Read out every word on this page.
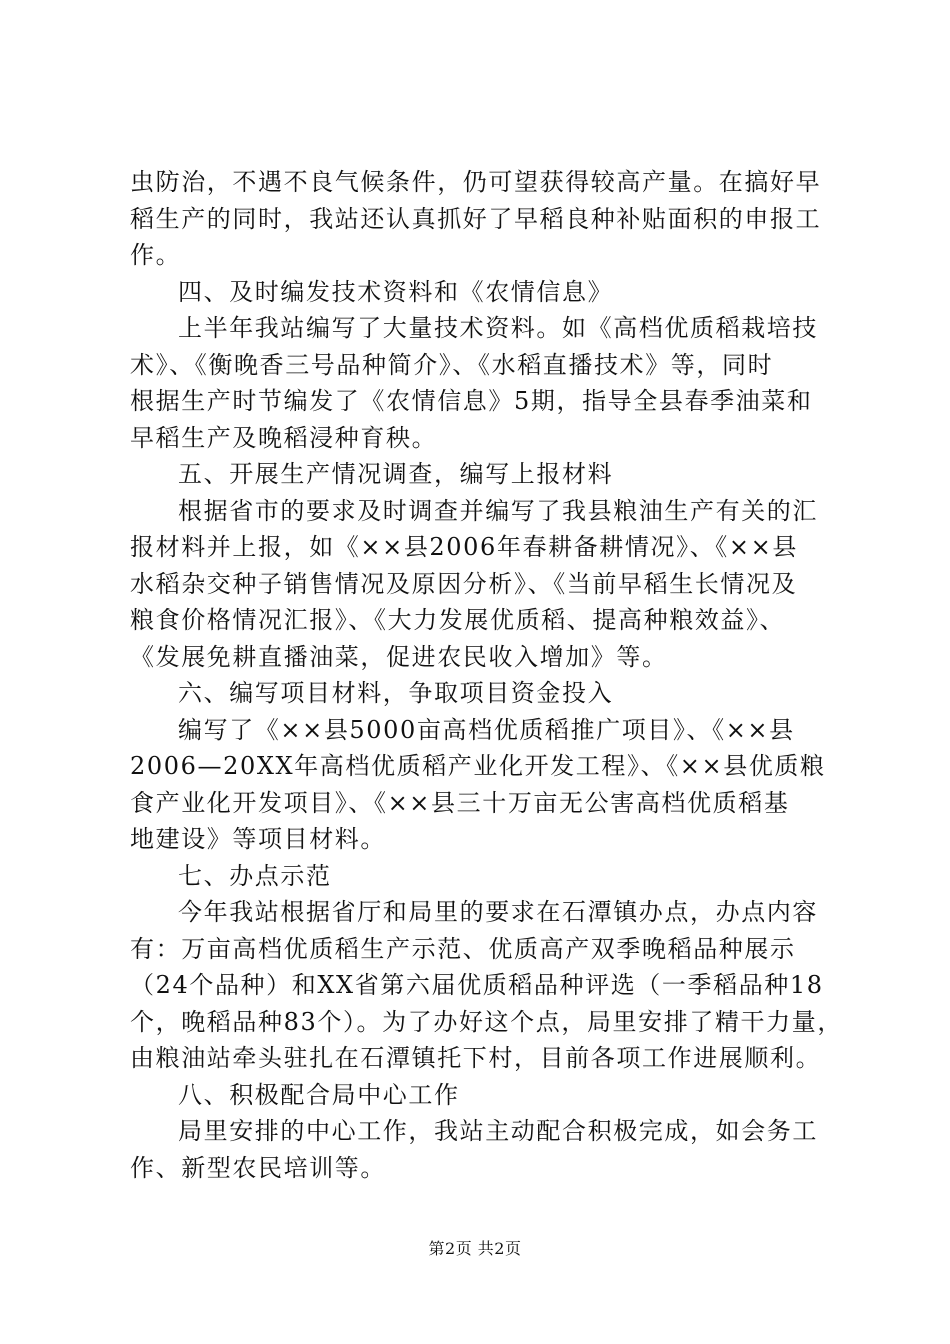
虫防治，不遇不良气候条件，仍可望获得较高产量。在搞好早
稻生产的同时，我站还认真抓好了早稻良种补贴面积的申报工
作。
四、及时编发技术资料和《农情信息》
上半年我站编写了大量技术资料。如《高档优质稻栽培技
术》、《衡晚香三号品种简介》、《水稻直播技术》等，同时
根据生产时节编发了《农情信息》5期，指导全县春季油菜和
早稻生产及晚稻浸种育秧。
五、开展生产情况调查，编写上报材料
根据省市的要求及时调查并编写了我县粮油生产有关的汇
报材料并上报，如《××县2006年春耕备耕情况》、《××县
水稻杂交种子销售情况及原因分析》、《当前早稻生长情况及
粮食价格情况汇报》、《大力发展优质稻、提高种粮效益》、
《发展免耕直播油菜，促进农民收入增加》等。
六、编写项目材料，争取项目资金投入
编写了《××县5000亩高档优质稻推广项目》、《××县
2006—20XX年高档优质稻产业化开发工程》、《××县优质粮
食产业化开发项目》、《××县三十万亩无公害高档优质稻基
地建设》等项目材料。
七、办点示范
今年我站根据省厅和局里的要求在石潭镇办点，办点内容
有：万亩高档优质稻生产示范、优质高产双季晚稻品种展示
（24个品种）和XX省第六届优质稻品种评选（一季稻品种18
个，晚稻品种83个）。为了办好这个点，局里安排了精干力量，
由粮油站牵头驻扎在石潭镇托下村，目前各项工作进展顺利。
八、积极配合局中心工作
局里安排的中心工作，我站主动配合积极完成，如会务工
作、新型农民培训等。
第2页 共2页
